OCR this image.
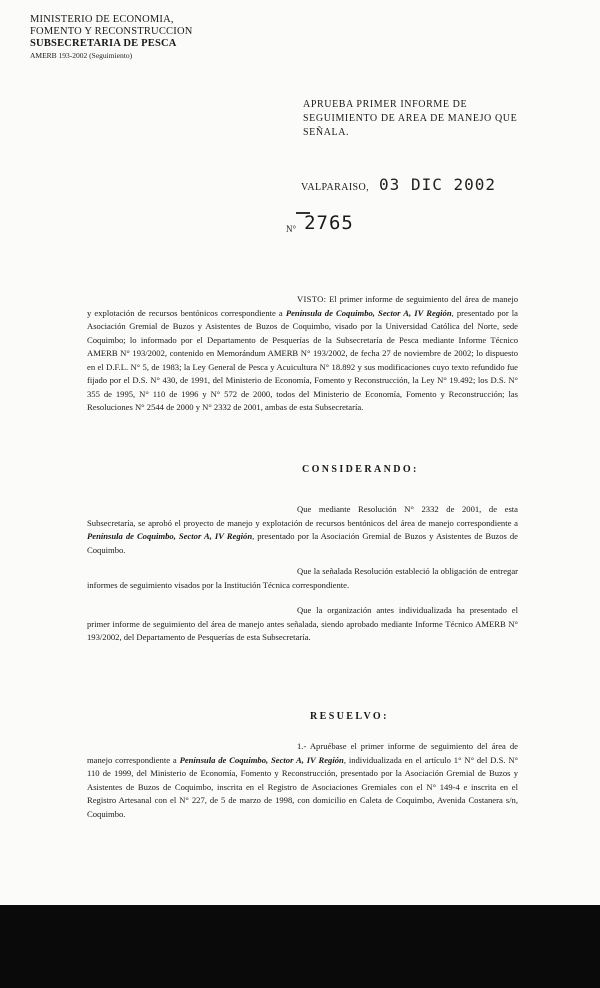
MINISTERIO DE ECONOMIA,
FOMENTO Y RECONSTRUCCION
SUBSECRETARIA DE PESCA
AMERB 193-2002 (Seguimiento)
APRUEBA PRIMER INFORME DE SEGUIMIENTO DE AREA DE MANEJO QUE SEÑALA.
VALPARAISO, 03 DIC 2002
N° 2765
VISTO: El primer informe de seguimiento del área de manejo y explotación de recursos bentónicos correspondiente a Península de Coquimbo, Sector A, IV Región, presentado por la Asociación Gremial de Buzos y Asistentes de Buzos de Coquimbo, visado por la Universidad Católica del Norte, sede Coquimbo; lo informado por el Departamento de Pesquerías de la Subsecretaría de Pesca mediante Informe Técnico AMERB N° 193/2002, contenido en Memorándum AMERB N° 193/2002, de fecha 27 de noviembre de 2002; lo dispuesto en el D.F.L. N° 5, de 1983; la Ley General de Pesca y Acuicultura N° 18.892 y sus modificaciones cuyo texto refundido fue fijado por el D.S. N° 430, de 1991, del Ministerio de Economía, Fomento y Reconstrucción, la Ley N° 19.492; los D.S. N° 355 de 1995, N° 110 de 1996 y N° 572 de 2000, todos del Ministerio de Economía, Fomento y Reconstrucción; las Resoluciones N° 2544 de 2000 y N° 2332 de 2001, ambas de esta Subsecretaría.
CONSIDERANDO:
Que mediante Resolución N° 2332 de 2001, de esta Subsecretaría, se aprobó el proyecto de manejo y explotación de recursos bentónicos del área de manejo correspondiente a Península de Coquimbo, Sector A, IV Región, presentado por la Asociación Gremial de Buzos y Asistentes de Buzos de Coquimbo.
Que la señalada Resolución estableció la obligación de entregar informes de seguimiento visados por la Institución Técnica correspondiente.
Que la organización antes individualizada ha presentado el primer informe de seguimiento del área de manejo antes señalada, siendo aprobado mediante Informe Técnico AMERB N° 193/2002, del Departamento de Pesquerías de esta Subsecretaría.
RESUELVO:
1.- Apruébase el primer informe de seguimiento del área de manejo correspondiente a Península de Coquimbo, Sector A, IV Región, individualizada en el artículo 1° N° del D.S. N° 110 de 1999, del Ministerio de Economía, Fomento y Reconstrucción, presentado por la Asociación Gremial de Buzos y Asistentes de Buzos de Coquimbo, inscrita en el Registro de Asociaciones Gremiales con el N° 149-4 e inscrita en el Registro Artesanal con el N° 227, de 5 de marzo de 1998, con domicilio en Caleta de Coquimbo, Avenida Costanera s/n, Coquimbo.
